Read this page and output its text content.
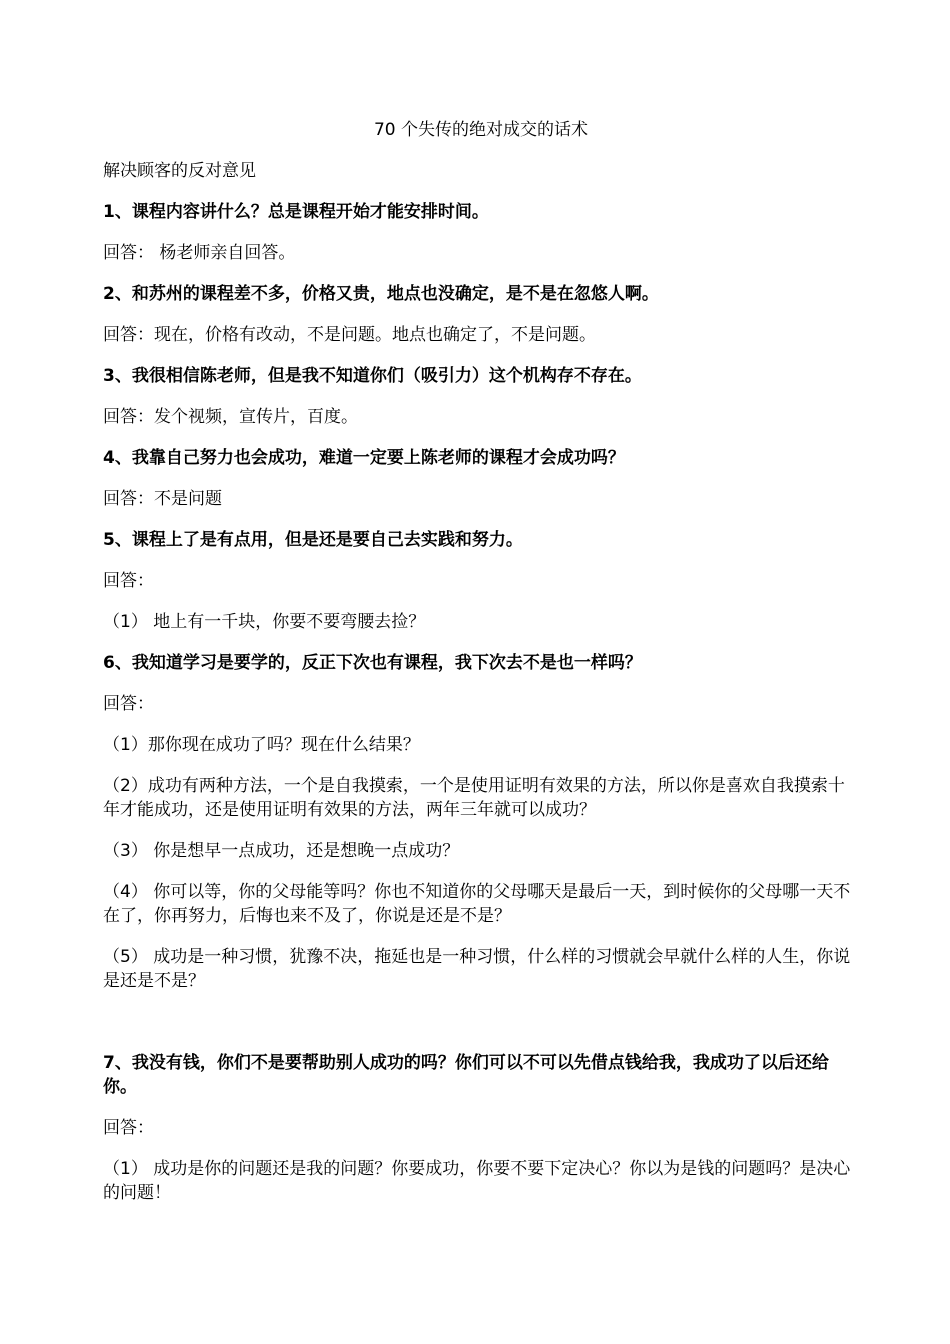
70 个失传的绝对成交的话术
解决顾客的反对意见
1、课程内容讲什么？总是课程开始才能安排时间。
回答： 杨老师亲自回答。
2、和苏州的课程差不多，价格又贵，地点也没确定，是不是在忽悠人啊。
回答：现在，价格有改动，不是问题。地点也确定了，不是问题。
3、我很相信陈老师，但是我不知道你们（吸引力）这个机构存不存在。
回答：发个视频，宣传片，百度。
4、我靠自己努力也会成功，难道一定要上陈老师的课程才会成功吗？
回答：不是问题
5、课程上了是有点用，但是还是要自己去实践和努力。
回答：
（1） 地上有一千块，你要不要弯腰去捡？
6、我知道学习是要学的，反正下次也有课程，我下次去不是也一样吗？
回答：
（1）那你现在成功了吗？现在什么结果？
（2）成功有两种方法，一个是自我摸索，一个是使用证明有效果的方法，所以你是喜欢自我摸索十年才能成功，还是使用证明有效果的方法，两年三年就可以成功？
（3） 你是想早一点成功，还是想晚一点成功？
（4） 你可以等，你的父母能等吗？你也不知道你的父母哪天是最后一天，到时候你的父母哪一天不在了，你再努力，后悔也来不及了，你说是还是不是？
（5） 成功是一种习惯，犹豫不决，拖延也是一种习惯，什么样的习惯就会早就什么样的人生，你说是还是不是？
7、我没有钱，你们不是要帮助别人成功的吗？你们可以不可以先借点钱给我，我成功了以后还给你。
回答：
（1） 成功是你的问题还是我的问题？你要成功，你要不要下定决心？你以为是钱的问题吗？是决心的问题！
